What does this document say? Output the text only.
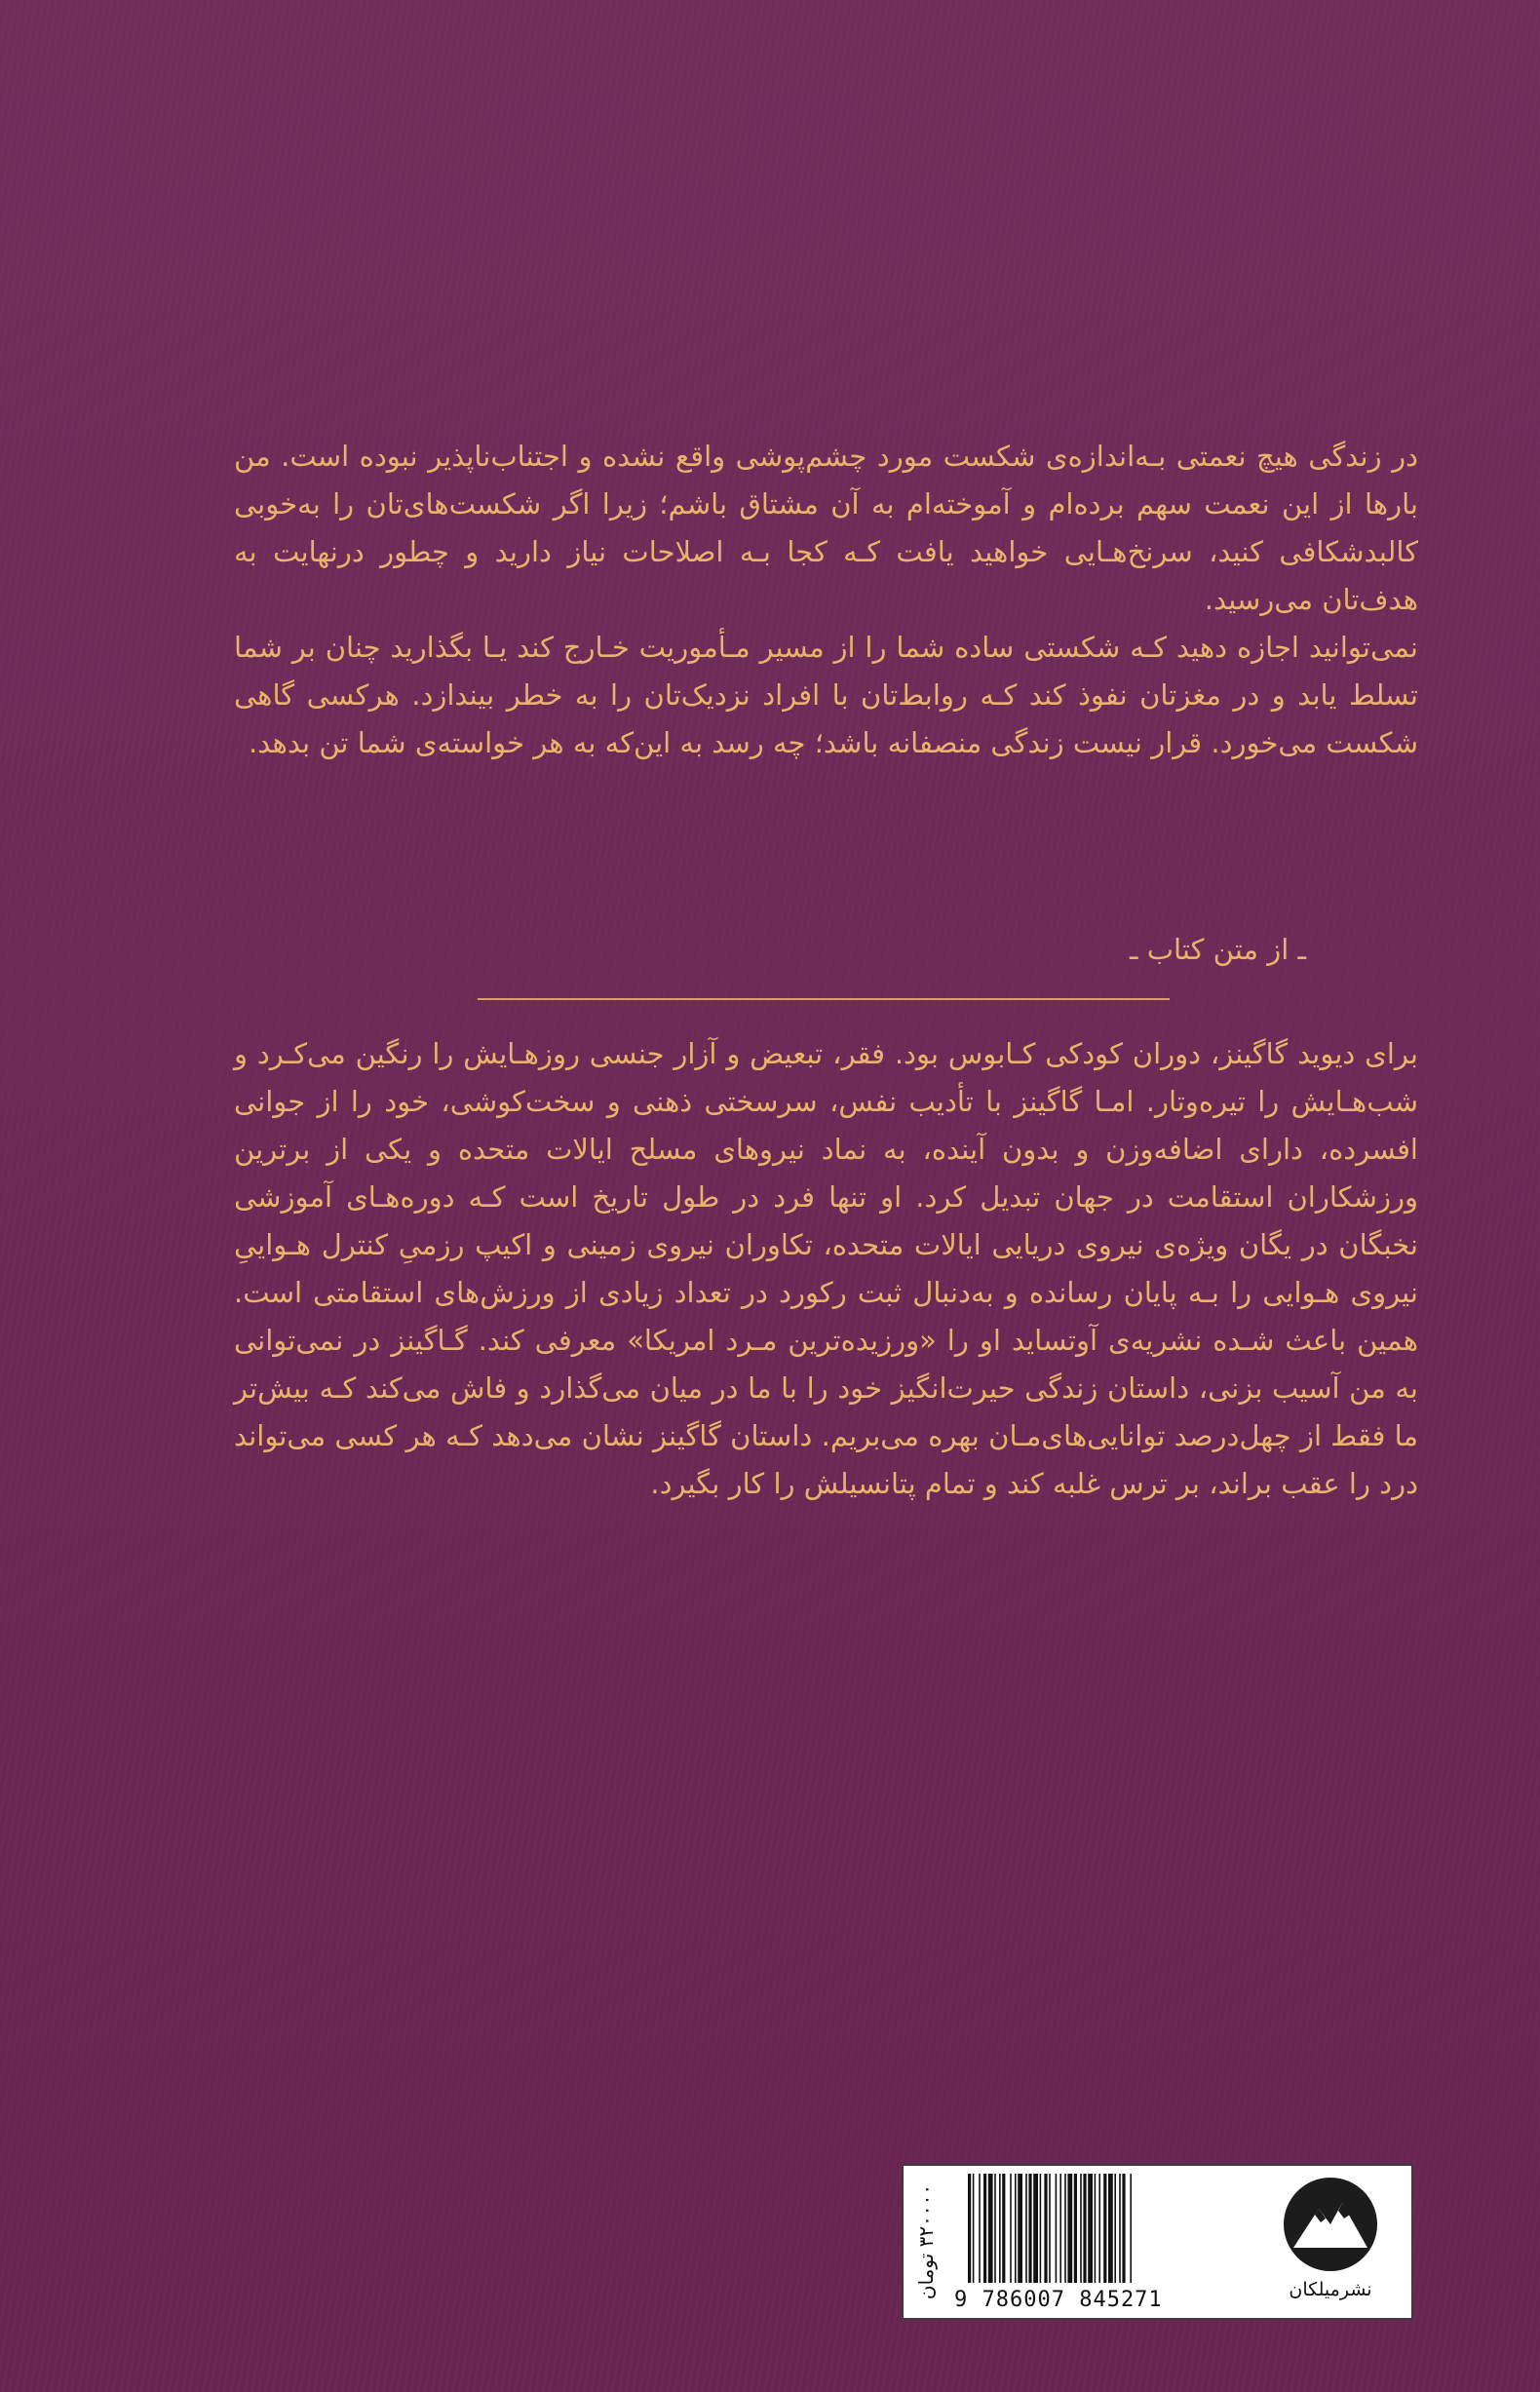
در زندگی هیچ نعمتی بـه‌اندازه‌ی شکست مورد چشم‌پوشی واقع نشده و اجتناب‌ناپذیر نبوده است. من بارها از این نعمت سهم برده‌ام و آموخته‌ام به آن مشتاق باشم؛ زیرا اگر شکست‌های‌تان را به‌خوبی کالبدشکافی کنید، سرنخ‌هـایی خواهید یافت کـه کجا بـه اصلاحات نیاز دارید و چطور درنهایت به هدف‌تان می‌رسید.

نمی‌توانید اجازه دهید کـه شکستی ساده شما را از مسیر مـأموریت خـارج کند یـا بگذارید چنان بر شما تسلط یابد و در مغزتان نفوذ کند کـه روابط‌تان با افراد نزدیک‌تان را به خطر بیندازد. هرکسی گاهی شکست می‌خورد. قرار نیست زندگی منصفانه باشد؛ چه رسد به این‌که به هر خواسته‌ی شما تن بدهد.

ـ از متن کتاب ـ

برای دیوید گاگینز، دوران کودکی کـابوس بود. فقر، تبعیض و آزار جنسی روزهـایش را رنگین می‌کـرد و شب‌هـایش را تیره‌وتار. امـا گاگینز با تأدیب نفس، سرسختی ذهنی و سخت‌کوشی، خود را از جوانی افسرده، دارای اضافه‌وزن و بدون آینده، به نماد نیروهای مسلح ایالات متحده و یکی از برترین ورزشکاران استقامت در جهان تبدیل کرد. او تنها فرد در طول تاریخ است کـه دوره‌هـای آموزشی نخبگان در یگان ویژه‌ی نیروی دریایی ایالات متحده، تکاوران نیروی زمینی و اکیپ رزمیِ کنترل هـواییِ نیروی هـوایی را بـه پایان رسانده و به‌دنبال ثبت رکورد در تعداد زیادی از ورزش‌های استقامتی است. همین باعث شـده نشریه‌ی آوتساید او را «ورزیده‌ترین مـرد امریکا» معرفی کند. گـاگینز در نمی‌توانی به من آسیب بزنی، داستان زندگی حیرت‌انگیز خود را با ما در میان می‌گذارد و فاش می‌کند کـه بیش‌تر ما فقط از چهل‌درصد توانایی‌های‌مـان بهره می‌بریم. داستان گاگینز نشان می‌دهد کـه هر کسی می‌تواند درد را عقب براند، بر ترس غلبه کند و تمام پتانسیلش را کار بگیرد.

۳۲۰۰۰۰ تومان
9 786007 845271	نشرمیلکان
